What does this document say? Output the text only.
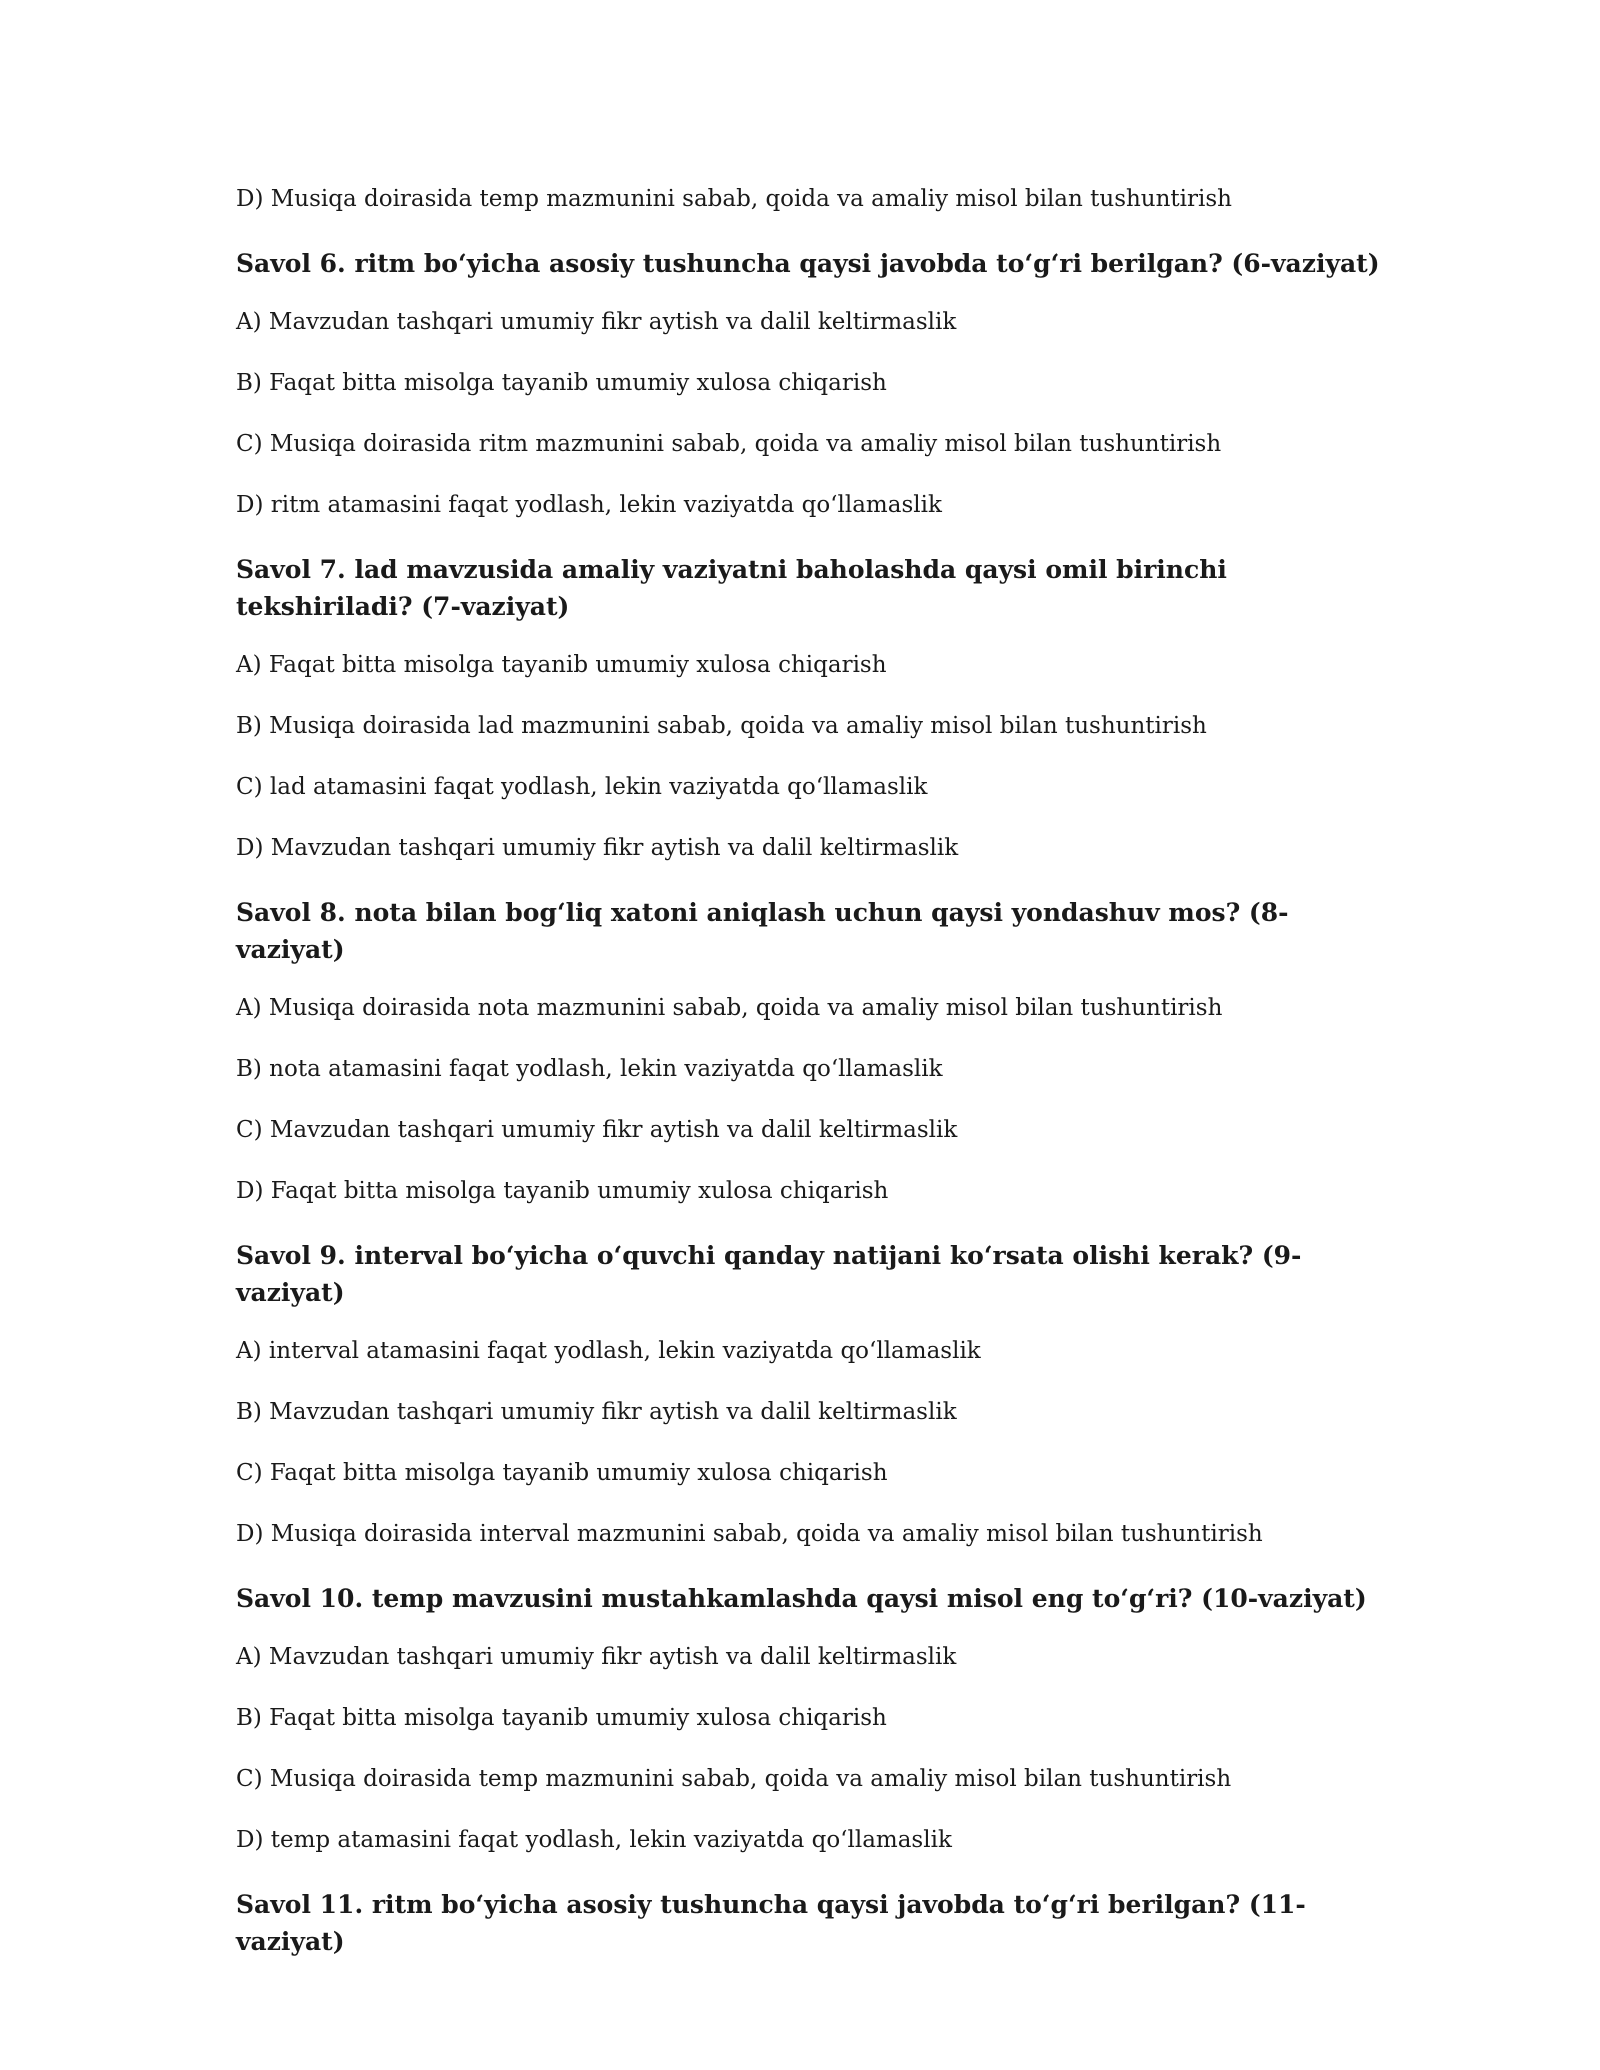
D) Musiqa doirasida temp mazmunini sabab, qoida va amaliy misol bilan tushuntirish

Savol 6. ritm bo‘yicha asosiy tushuncha qaysi javobda to‘g‘ri berilgan? (6-vaziyat)

A) Mavzudan tashqari umumiy fikr aytish va dalil keltirmaslik

B) Faqat bitta misolga tayanib umumiy xulosa chiqarish

C) Musiqa doirasida ritm mazmunini sabab, qoida va amaliy misol bilan tushuntirish

D) ritm atamasini faqat yodlash, lekin vaziyatda qo‘llamaslik

Savol 7. lad mavzusida amaliy vaziyatni baholashda qaysi omil birinchi tekshiriladi? (7-vaziyat)

A) Faqat bitta misolga tayanib umumiy xulosa chiqarish

B) Musiqa doirasida lad mazmunini sabab, qoida va amaliy misol bilan tushuntirish

C) lad atamasini faqat yodlash, lekin vaziyatda qo‘llamaslik

D) Mavzudan tashqari umumiy fikr aytish va dalil keltirmaslik

Savol 8. nota bilan bog‘liq xatoni aniqlash uchun qaysi yondashuv mos? (8-vaziyat)

A) Musiqa doirasida nota mazmunini sabab, qoida va amaliy misol bilan tushuntirish

B) nota atamasini faqat yodlash, lekin vaziyatda qo‘llamaslik

C) Mavzudan tashqari umumiy fikr aytish va dalil keltirmaslik

D) Faqat bitta misolga tayanib umumiy xulosa chiqarish

Savol 9. interval bo‘yicha o‘quvchi qanday natijani ko‘rsata olishi kerak? (9-vaziyat)

A) interval atamasini faqat yodlash, lekin vaziyatda qo‘llamaslik

B) Mavzudan tashqari umumiy fikr aytish va dalil keltirmaslik

C) Faqat bitta misolga tayanib umumiy xulosa chiqarish

D) Musiqa doirasida interval mazmunini sabab, qoida va amaliy misol bilan tushuntirish

Savol 10. temp mavzusini mustahkamlashda qaysi misol eng to‘g‘ri? (10-vaziyat)

A) Mavzudan tashqari umumiy fikr aytish va dalil keltirmaslik

B) Faqat bitta misolga tayanib umumiy xulosa chiqarish

C) Musiqa doirasida temp mazmunini sabab, qoida va amaliy misol bilan tushuntirish

D) temp atamasini faqat yodlash, lekin vaziyatda qo‘llamaslik

Savol 11. ritm bo‘yicha asosiy tushuncha qaysi javobda to‘g‘ri berilgan? (11-vaziyat)
